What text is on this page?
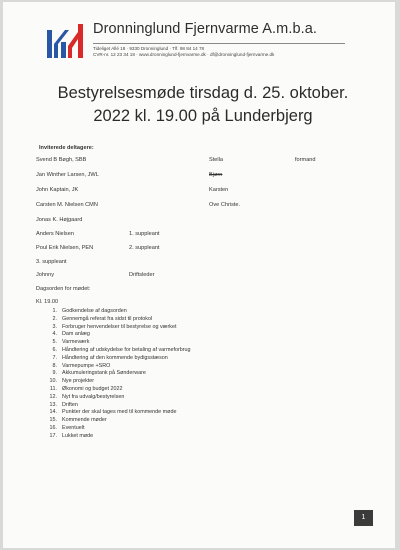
Dronninglund Fjernvarme A.m.b.a.
Tideliget Allé 18 · 9330 Dronninglund · Tlf. 98 84 14 78
CVR-nr. 12 23 34 18 · www.dronninglund-fjernvarme.dk · df@dronninglund-fjernvarme.dk
Bestyrelsesmøde tirsdag d. 25. oktober.
2022 kl. 19.00 på Lunderbjerg
Inviterede deltagere:
Svend B Bøgh, SBB	Stella	formand
Jan Winther Larsen, JWL	Bjørn
John Kaptain, JK	Karsten
Carsten M. Nielsen CMN	Ove Christe.
Jonas K. Højgaard
Anders Nielsen	1. suppleant
Poul Erik Nielsen, PEN	2. suppleant
3. suppleant
Johnny	Driftsleder
Dagsorden for mødet:
Kl. 19.00
1. Godkendelse af dagsorden
2. Gennemgå referat fra sidst til protokol
3. Forbruger henvendelser til bestyrelse og værket
4. Dam anlæg
5. Varmeværk
6. Håndtering af udskydelse for betaling af varmeforbrug
7. Håndtering af den kommende bydigsstæson
8. Varmepumpe +SRO
9. Akkumuleringstank på Sønderware
10. Nye projekter
11. Økonomi og budget 2022
12. Nyt fra udvalg/bestyrelsen
13. Driften
14. Punkter der skal tages med til kommende møde
15. Kommende møder
16. Eventuelt
17. Lukket møde
1
